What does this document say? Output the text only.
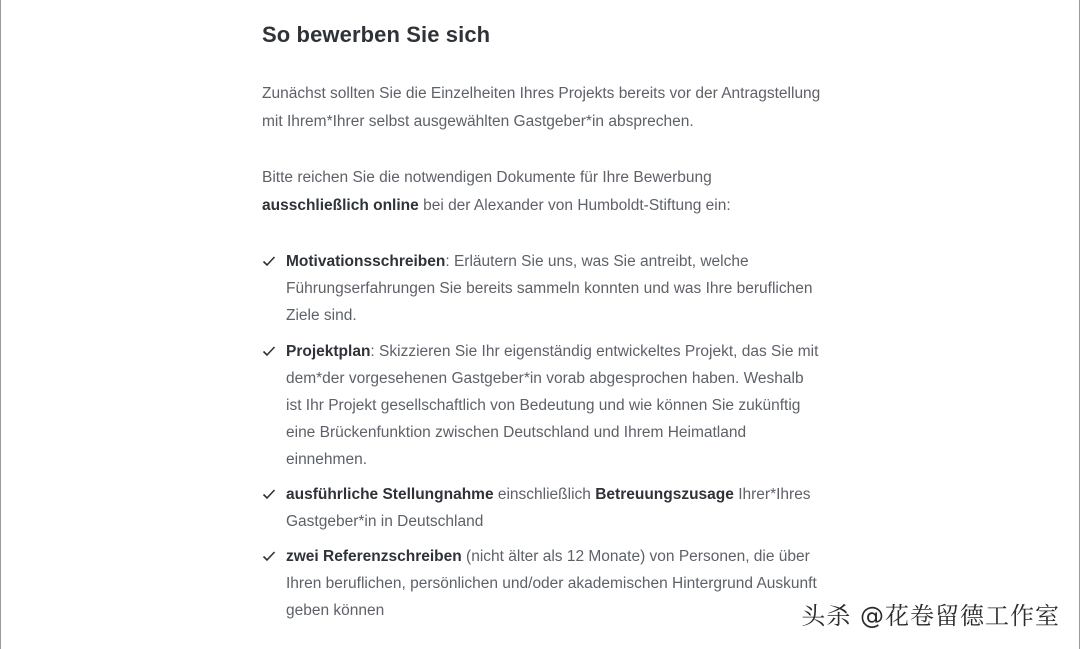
So bewerben Sie sich

Zunächst sollten Sie die Einzelheiten Ihres Projekts bereits vor der Antragstellung mit Ihrem*Ihrer selbst ausgewählten Gastgeber*in absprechen.

Bitte reichen Sie die notwendigen Dokumente für Ihre Bewerbung ausschließlich online bei der Alexander von Humboldt-Stiftung ein:

Motivationsschreiben: Erläutern Sie uns, was Sie antreibt, welche Führungserfahrungen Sie bereits sammeln konnten und was Ihre beruflichen Ziele sind.
Projektplan: Skizzieren Sie Ihr eigenständig entwickeltes Projekt, das Sie mit dem*der vorgesehenen Gastgeber*in vorab abgesprochen haben. Weshalb ist Ihr Projekt gesellschaftlich von Bedeutung und wie können Sie zukünftig eine Brückenfunktion zwischen Deutschland und Ihrem Heimatland einnehmen.
ausführliche Stellungnahme einschließlich Betreuungszusage Ihrer*Ihres Gastgeber*in in Deutschland
zwei Referenzschreiben (nicht älter als 12 Monate) von Personen, die über Ihren beruflichen, persönlichen und/oder akademischen Hintergrund Auskunft geben können	头杀 @花卷留德工作室
